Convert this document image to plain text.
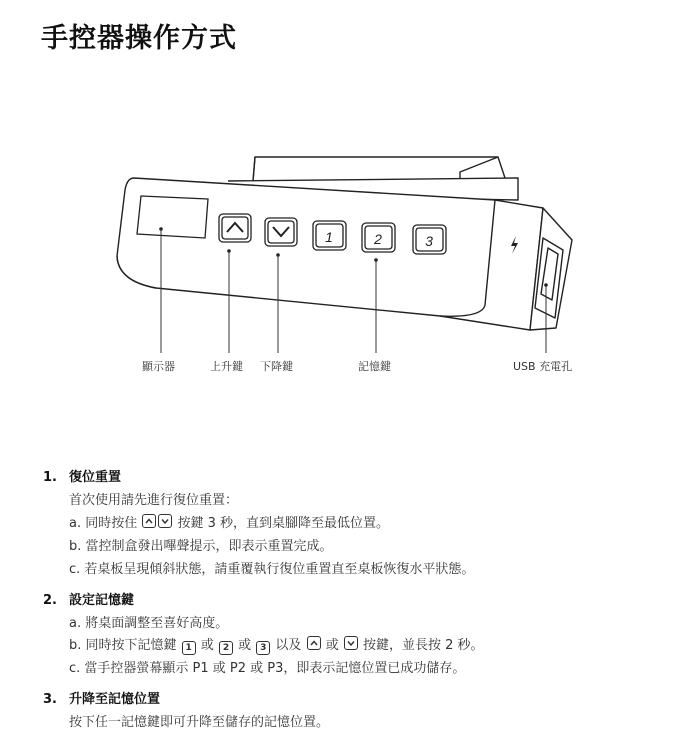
手控器操作方式
1	2	3
顯示器	上升鍵 下降鍵	記憶鍵	USB 充電孔
1. 復位重置
首次使用請先進行復位重置：
a. 同時按住	按鍵 3 秒，直到桌腳降至最低位置。
b. 當控制盒發出嗶聲提示，即表示重置完成。
c. 若桌板呈現傾斜狀態，請重覆執行復位重置直至桌板恢復水平狀態。
2. 設定記憶鍵
a. 將桌面調整至喜好高度。
b. 同時按下記憶鍵 1 或 2 或 3 以及 或 按鍵，並長按 2 秒。
c. 當手控器螢幕顯示 P1 或 P2 或 P3，即表示記憶位置已成功儲存。
3. 升降至記憶位置
按下任一記憶鍵即可升降至儲存的記憶位置。
